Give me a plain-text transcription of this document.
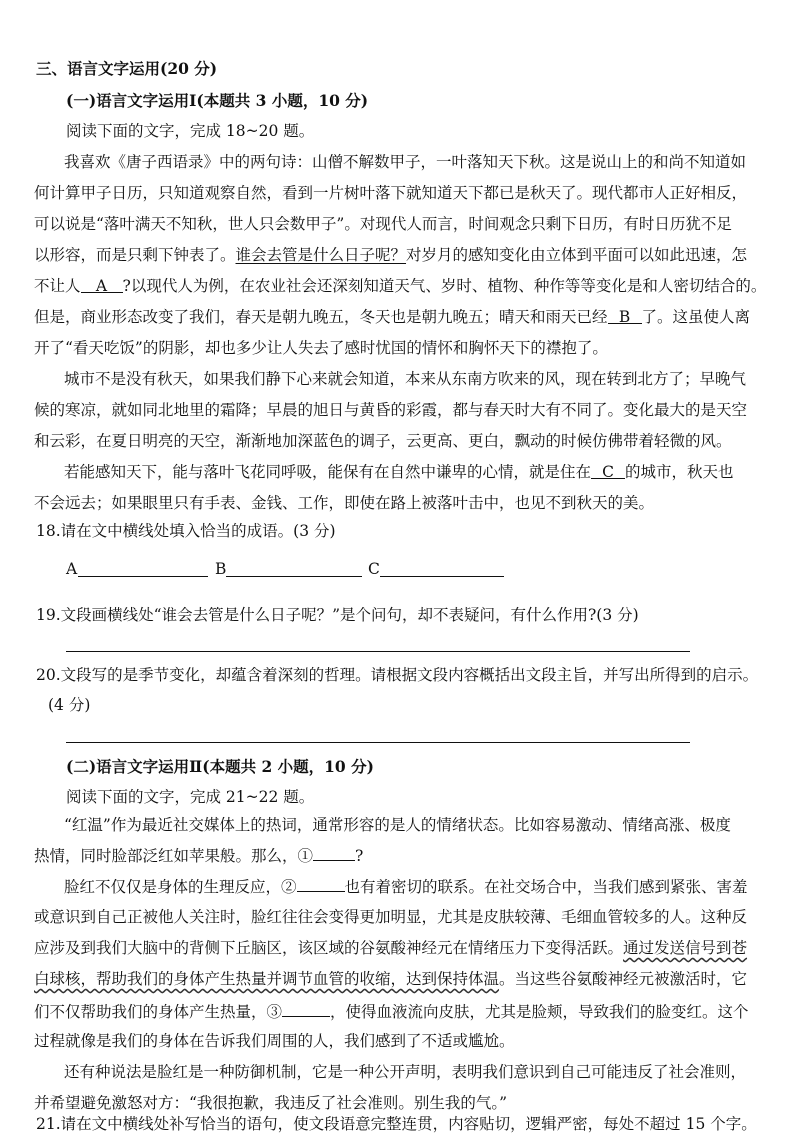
三、语言文字运用(20 分)
(一)语言文字运用Ⅰ(本题共 3 小题，10 分)
阅读下面的文字，完成 18~20 题。
我喜欢《唐子西语录》中的两句诗：山僧不解数甲子，一叶落知天下秋。这是说山上的和尚不知道如
何计算甲子日历，只知道观察自然，看到一片树叶落下就知道天下都已是秋天了。现代都市人正好相反，
可以说是“落叶满天不知秋，世人只会数甲子”。对现代人而言，时间观念只剩下日历，有时日历犹不足
以形容，而是只剩下钟表了。谁会去管是什么日子呢？对岁月的感知变化由立体到平面可以如此迅速，怎
不让人 A ?以现代人为例，在农业社会还深刻知道天气、岁时、植物、种作等等变化是和人密切结合的。
但是，商业形态改变了我们，春天是朝九晚五，冬天也是朝九晚五；晴天和雨天已经 B 了。这虽使人离
开了“看天吃饭”的阴影，却也多少让人失去了感时忧国的情怀和胸怀天下的襟抱了。
城市不是没有秋天，如果我们静下心来就会知道，本来从东南方吹来的风，现在转到北方了；早晚气
候的寒凉，就如同北地里的霜降；早晨的旭日与黄昏的彩霞，都与春天时大有不同了。变化最大的是天空
和云彩，在夏日明亮的天空，渐渐地加深蓝色的调子，云更高、更白，飘动的时候仿佛带着轻微的风。
若能感知天下，能与落叶飞花同呼吸，能保有在自然中谦卑的心情，就是住在 C 的城市，秋天也
不会远去；如果眼里只有手表、金钱、工作，即使在路上被落叶击中，也见不到秋天的美。
18.请在文中横线处填入恰当的成语。(3 分)
A	B	C
19.文段画横线处“谁会去管是什么日子呢？”是个问句，却不表疑问，有什么作用?(3 分)
20.文段写的是季节变化，却蕴含着深刻的哲理。请根据文段内容概括出文段主旨，并写出所得到的启示。
(4 分)
(二)语言文字运用Ⅱ(本题共 2 小题，10 分)
阅读下面的文字，完成 21~22 题。
“红温”作为最近社交媒体上的热词，通常形容的是人的情绪状态。比如容易激动、情绪高涨、极度
热情，同时脸部泛红如苹果般。那么，①	?
脸红不仅仅是身体的生理反应，②	也有着密切的联系。在社交场合中，当我们感到紧张、害羞
或意识到自己正被他人关注时，脸红往往会变得更加明显，尤其是皮肤较薄、毛细血管较多的人。这种反
应涉及到我们大脑中的背侧下丘脑区，该区域的谷氨酸神经元在情绪压力下变得活跃。通过发送信号到苍
白球核，帮助我们的身体产生热量并调节血管的收缩，达到保持体温。当这些谷氨酸神经元被激活时，它
们不仅帮助我们的身体产生热量，③	，使得血液流向皮肤，尤其是脸颊，导致我们的脸变红。这个
过程就像是我们的身体在告诉我们周围的人，我们感到了不适或尴尬。
还有种说法是脸红是一种防御机制，它是一种公开声明，表明我们意识到自己可能违反了社会准则，
并希望避免激怒对方：“我很抱歉，我违反了社会准则。别生我的气。”
21.请在文中横线处补写恰当的语句，使文段语意完整连贯，内容贴切，逻辑严密，每处不超过 15 个字。
